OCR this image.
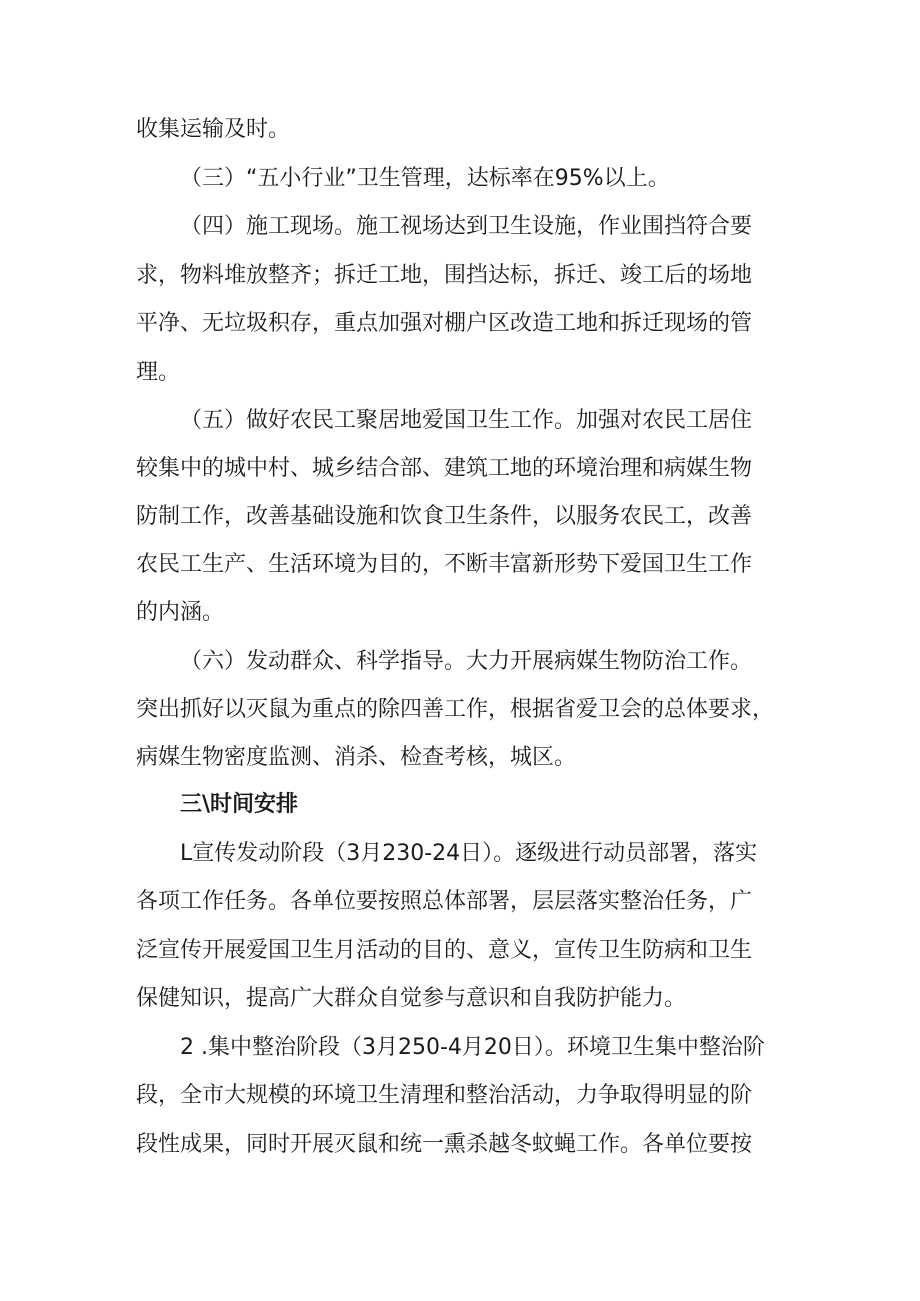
收集运输及时。
（三）“五小行业”卫生管理，达标率在95%以上。
（四）施工现场。施工视场达到卫生设施，作业围挡符合要
求，物料堆放整齐；拆迁工地，围挡达标，拆迁、竣工后的场地
平净、无垃圾积存，重点加强对棚户区改造工地和拆迁现场的管
理。
（五）做好农民工聚居地爱国卫生工作。加强对农民工居住
较集中的城中村、城乡结合部、建筑工地的环境治理和病媒生物
防制工作，改善基础设施和饮食卫生条件，以服务农民工，改善
农民工生产、生活环境为目的，不断丰富新形势下爱国卫生工作
的内涵。
（六）发动群众、科学指导。大力开展病媒生物防治工作。
突出抓好以灭鼠为重点的除四善工作，根据省爱卫会的总体要求，
病媒生物密度监测、消杀、检查考核，城区。
三\时间安排
L宣传发动阶段（3月230-24日）。逐级进行动员部署，落实
各项工作任务。各单位要按照总体部署，层层落实整治任务，广
泛宣传开展爱国卫生月活动的目的、意义，宣传卫生防病和卫生
保健知识，提高广大群众自觉参与意识和自我防护能力。
2 .集中整治阶段（3月250-4月20日）。环境卫生集中整治阶
段，全市大规模的环境卫生清理和整治活动，力争取得明显的阶
段性成果，同时开展灭鼠和统一熏杀越冬蚊蝇工作。各单位要按
